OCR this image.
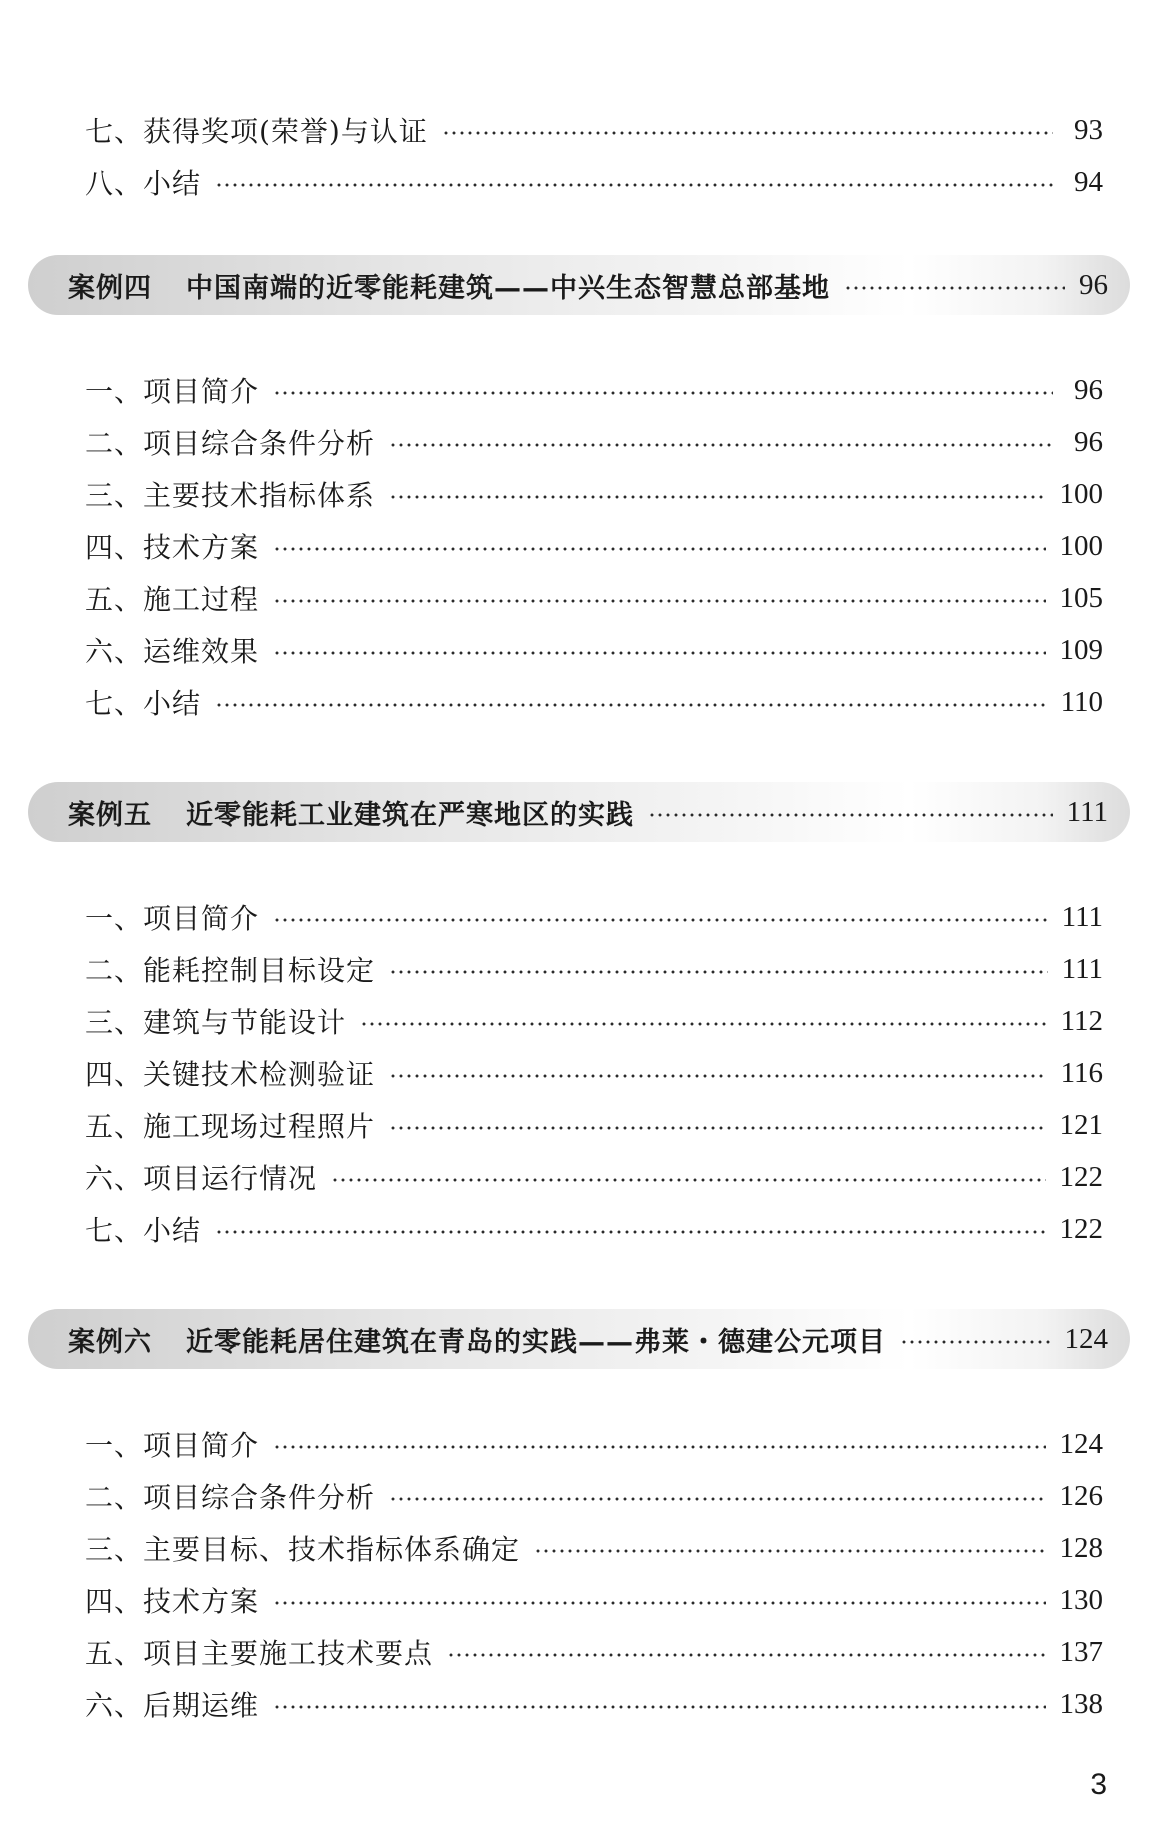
七、获得奖项(荣誉)与认证	93
八、小结	94
案例四 中国南端的近零能耗建筑——中兴生态智慧总部基地	96
一、项目简介	96
二、项目综合条件分析	96
三、主要技术指标体系	100
四、技术方案	100
五、施工过程	105
六、运维效果	109
七、小结	110
案例五 近零能耗工业建筑在严寒地区的实践	111
一、项目简介	111
二、能耗控制目标设定	111
三、建筑与节能设计	112
四、关键技术检测验证	116
五、施工现场过程照片	121
六、项目运行情况	122
七、小结	122
案例六 近零能耗居住建筑在青岛的实践——弗莱・德建公元项目	124
一、项目简介	124
二、项目综合条件分析	126
三、主要目标、技术指标体系确定	128
四、技术方案	130
五、项目主要施工技术要点	137
六、后期运维	138
3
